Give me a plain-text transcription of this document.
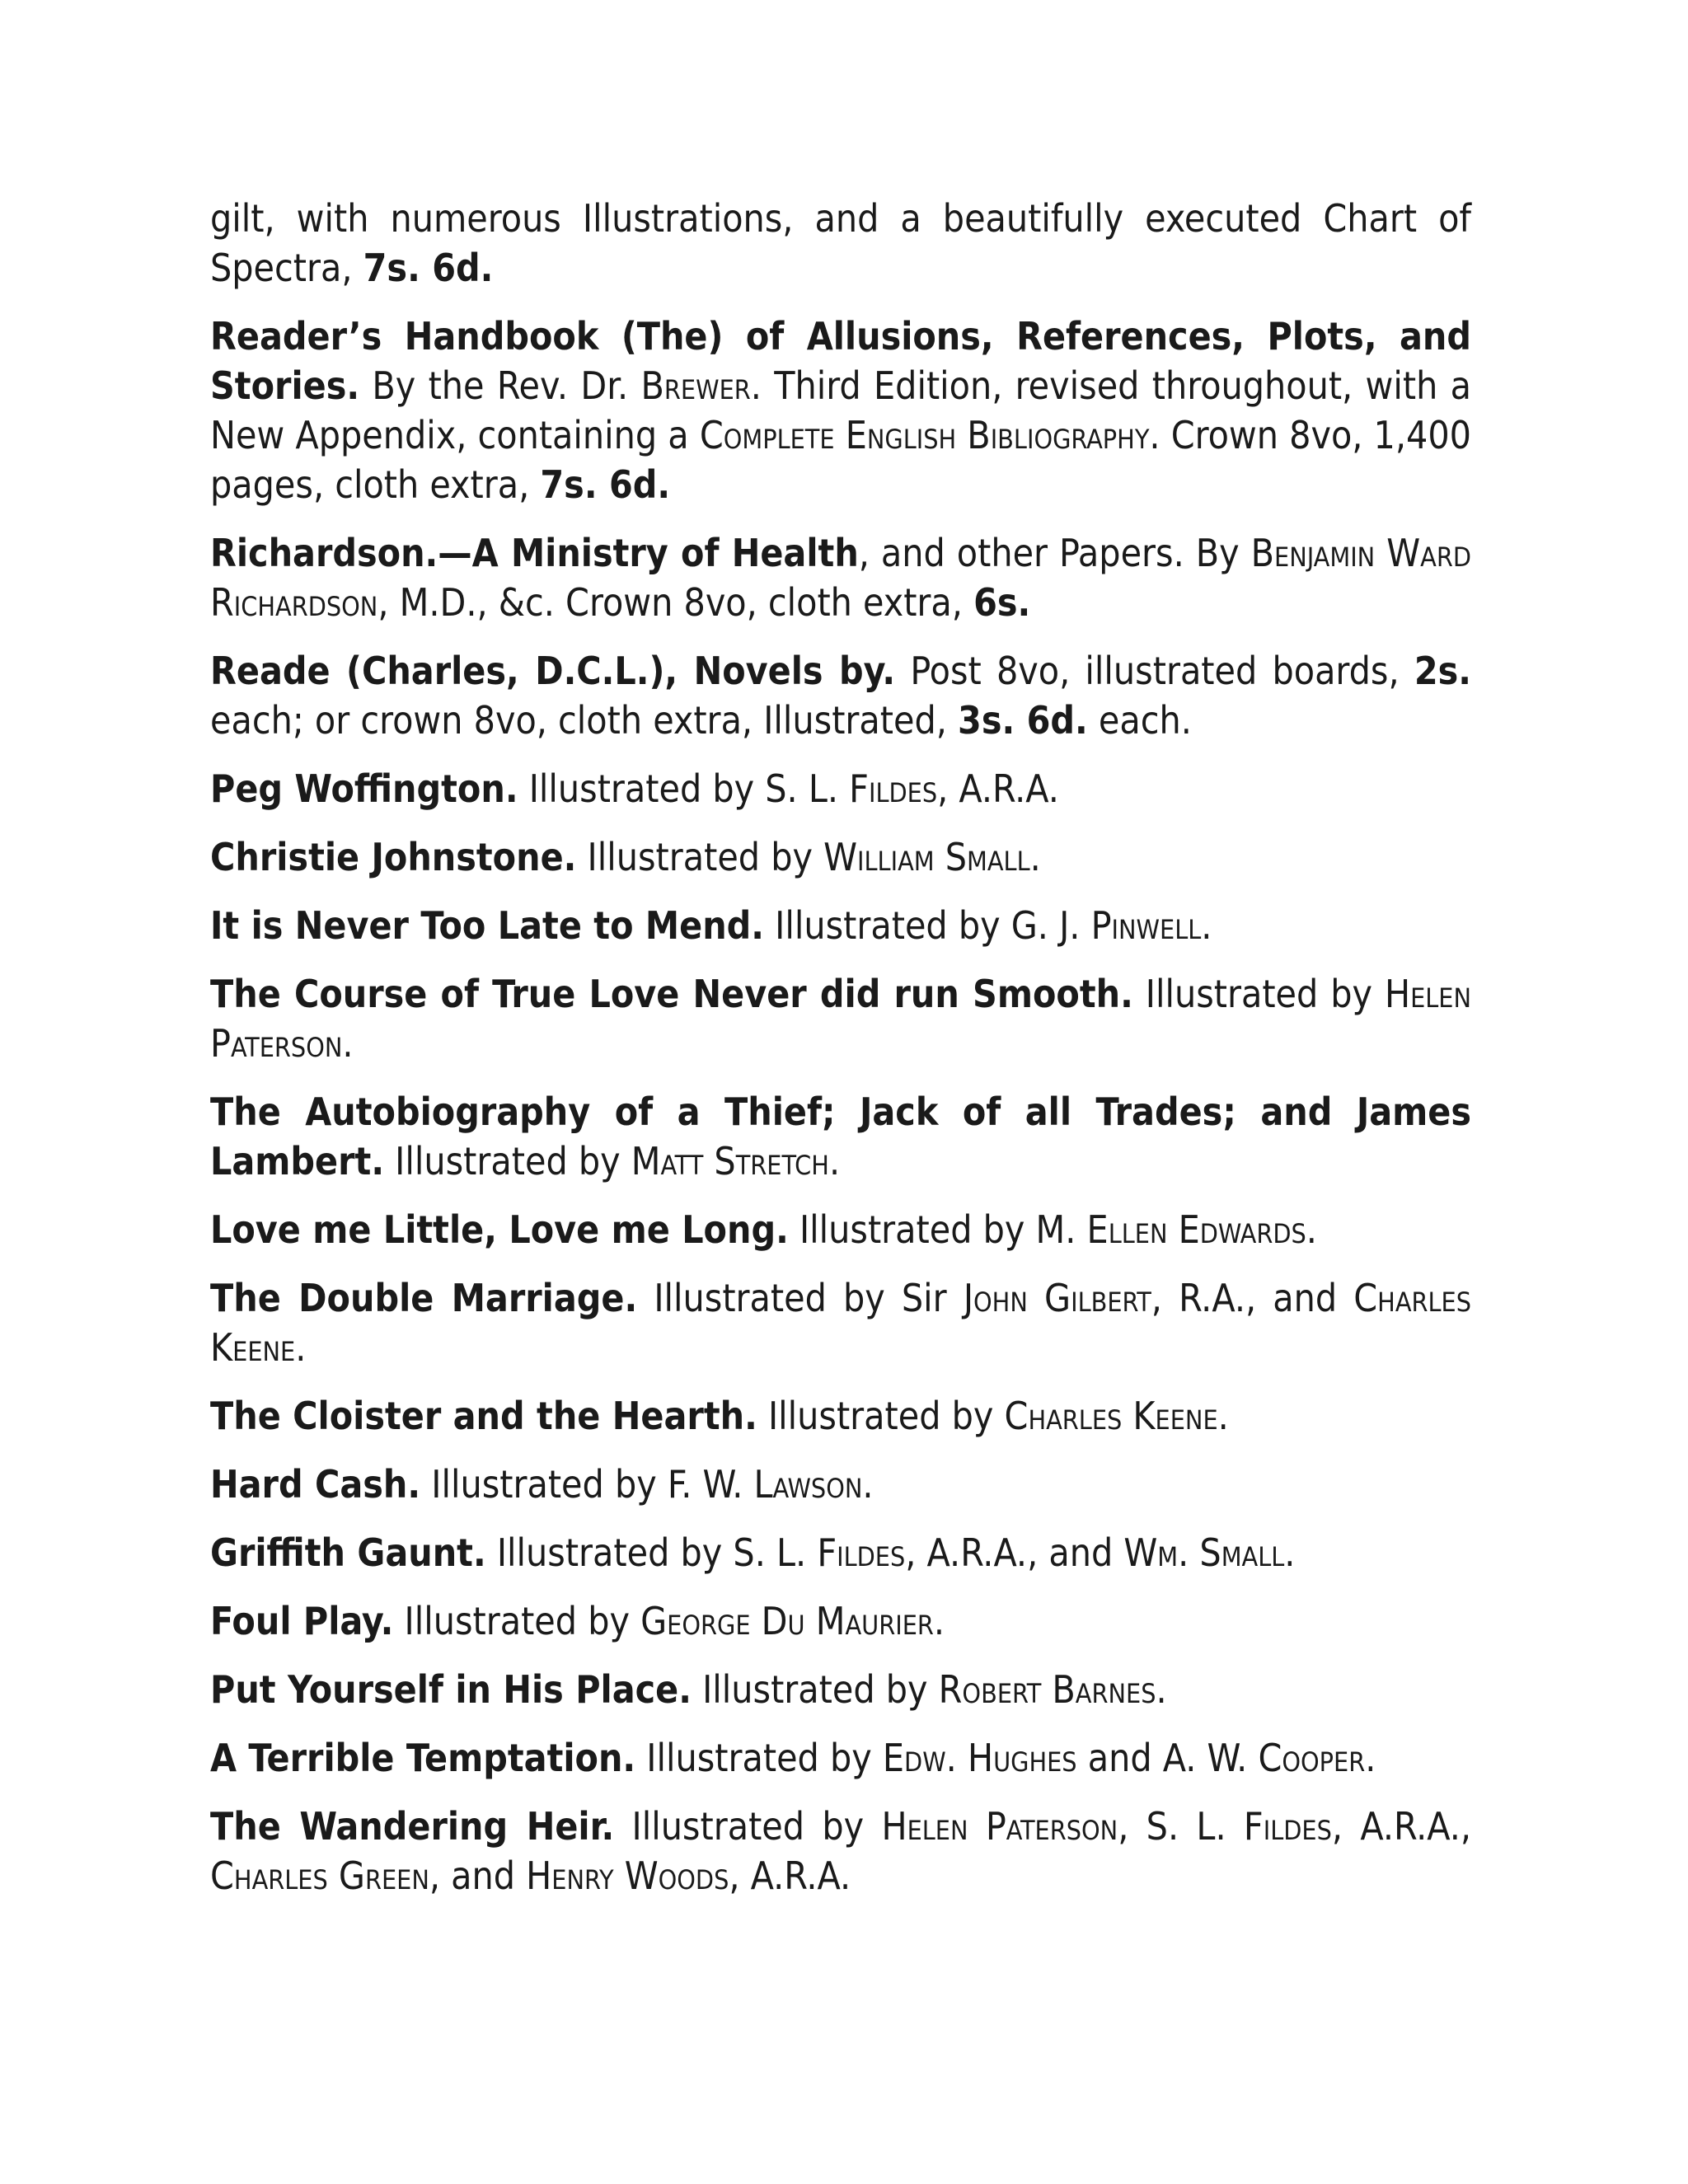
gilt, with numerous Illustrations, and a beautifully executed Chart of Spectra, 7s. 6d.

Reader’s Handbook (The) of Allusions, References, Plots, and Stories. By the Rev. Dr. Brewer. Third Edition, revised throughout, with a New Appendix, containing a Complete English Bibliography. Crown 8vo, 1,400 pages, cloth extra, 7s. 6d.

Richardson.—A Ministry of Health, and other Papers. By Benjamin Ward Richardson, M.D., &c. Crown 8vo, cloth extra, 6s.

Reade (Charles, D.C.L.), Novels by. Post 8vo, illustrated boards, 2s. each; or crown 8vo, cloth extra, Illustrated, 3s. 6d. each.

Peg Woffington. Illustrated by S. L. Fildes, A.R.A.

Christie Johnstone. Illustrated by William Small.

It is Never Too Late to Mend. Illustrated by G. J. Pinwell.

The Course of True Love Never did run Smooth. Illustrated by Helen Paterson.

The Autobiography of a Thief; Jack of all Trades; and James Lambert. Illustrated by Matt Stretch.

Love me Little, Love me Long. Illustrated by M. Ellen Edwards.

The Double Marriage. Illustrated by Sir John Gilbert, R.A., and Charles Keene.

The Cloister and the Hearth. Illustrated by Charles Keene.

Hard Cash. Illustrated by F. W. Lawson.

Griffith Gaunt. Illustrated by S. L. Fildes, A.R.A., and Wm. Small.

Foul Play. Illustrated by George Du Maurier.

Put Yourself in His Place. Illustrated by Robert Barnes.

A Terrible Temptation. Illustrated by Edw. Hughes and A. W. Cooper.

The Wandering Heir. Illustrated by Helen Paterson, S. L. Fildes, A.R.A., Charles Green, and Henry Woods, A.R.A.
